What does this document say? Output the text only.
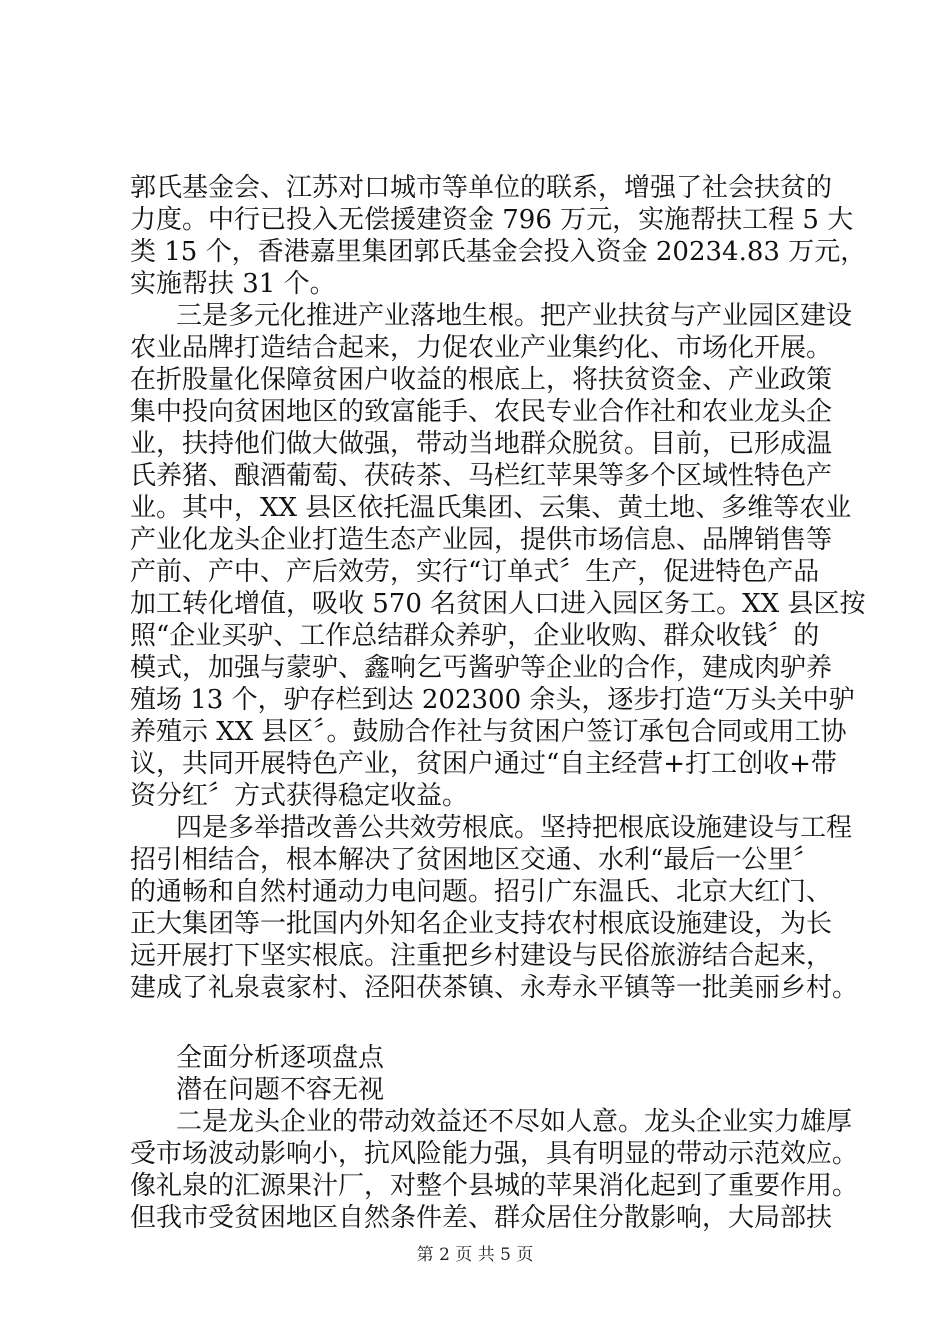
郭氏基金会、江苏对口城市等单位的联系，增强了社会扶贫的
力度。中行已投入无偿援建资金 796 万元，实施帮扶工程 5 大
类 15 个，香港嘉里集团郭氏基金会投入资金 20234.83 万元，
实施帮扶 31 个。
三是多元化推进产业落地生根。把产业扶贫与产业园区建设
农业品牌打造结合起来，力促农业产业集约化、市场化开展。
在折股量化保障贫困户收益的根底上，将扶贫资金、产业政策
集中投向贫困地区的致富能手、农民专业合作社和农业龙头企
业，扶持他们做大做强，带动当地群众脱贫。目前，已形成温
氏养猪、酿酒葡萄、茯砖茶、马栏红苹果等多个区域性特色产
业。其中，XX 县区依托温氏集团、云集、黄土地、多维等农业
产业化龙头企业打造生态产业园，提供市场信息、品牌销售等
产前、产中、产后效劳，实行“订单式〞生产，促进特色产品
加工转化增值，吸收 570 名贫困人口进入园区务工。XX 县区按
照“企业买驴、工作总结群众养驴，企业收购、群众收钱〞的
模式，加强与蒙驴、鑫响乞丐酱驴等企业的合作，建成肉驴养
殖场 13 个，驴存栏到达 202300 余头，逐步打造“万头关中驴
养殖示 XX 县区〞。鼓励合作社与贫困户签订承包合同或用工协
议，共同开展特色产业，贫困户通过“自主经营+打工创收+带
资分红〞方式获得稳定收益。
四是多举措改善公共效劳根底。坚持把根底设施建设与工程
招引相结合，根本解决了贫困地区交通、水利“最后一公里〞
的通畅和自然村通动力电问题。招引广东温氏、北京大红门、
正大集团等一批国内外知名企业支持农村根底设施建设，为长
远开展打下坚实根底。注重把乡村建设与民俗旅游结合起来，
建成了礼泉袁家村、泾阳茯茶镇、永寿永平镇等一批美丽乡村。
全面分析逐项盘点
潜在问题不容无视
二是龙头企业的带动效益还不尽如人意。龙头企业实力雄厚
受市场波动影响小，抗风险能力强，具有明显的带动示范效应。
像礼泉的汇源果汁厂，对整个县城的苹果消化起到了重要作用。
但我市受贫困地区自然条件差、群众居住分散影响，大局部扶
第 2 页 共 5 页
